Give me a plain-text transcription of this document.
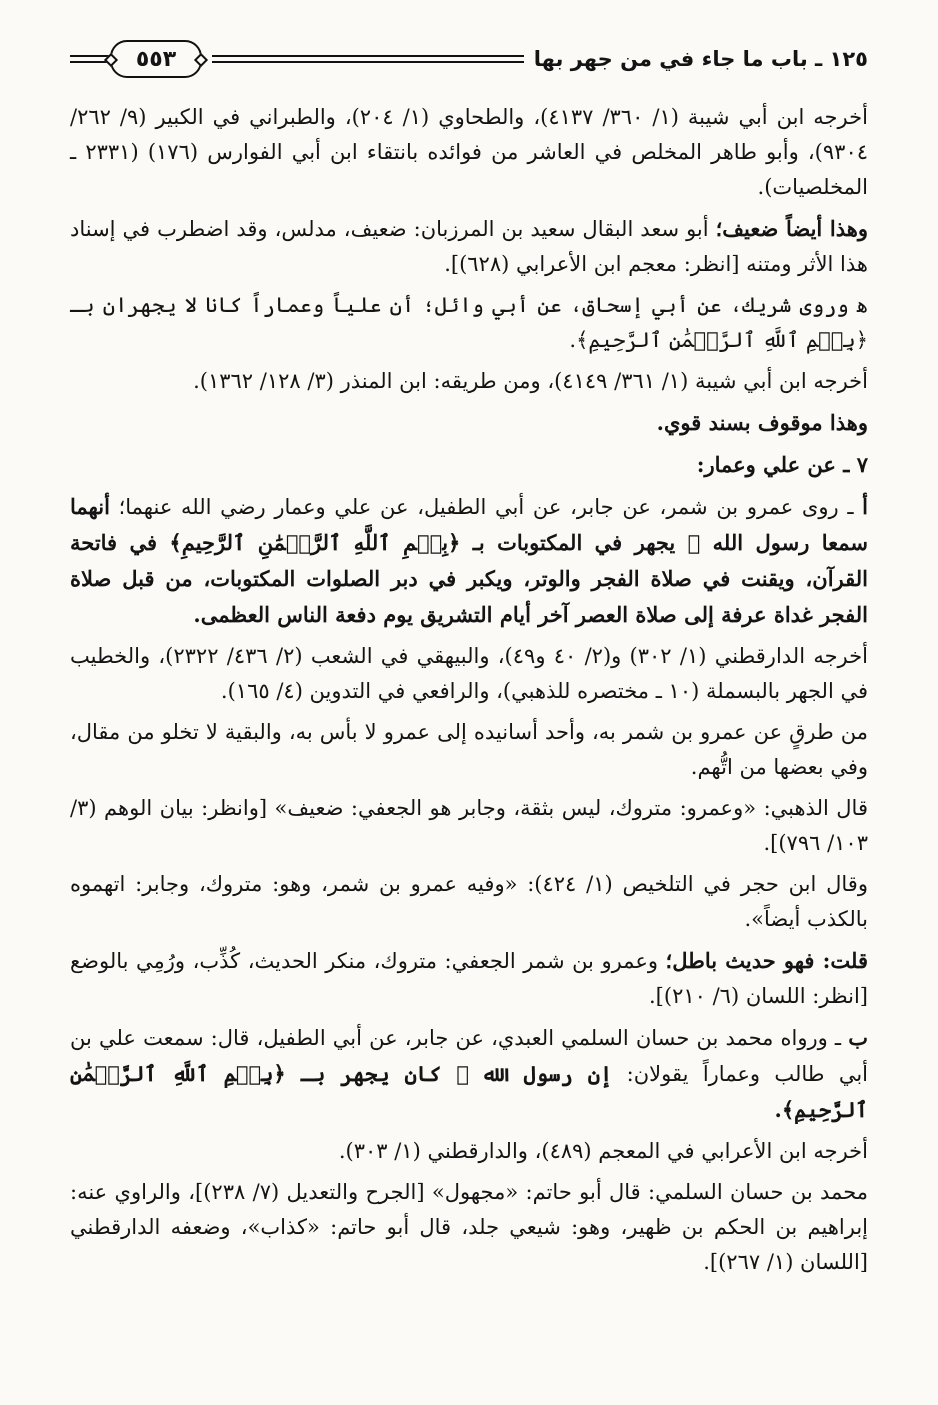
١٢٥ ـ باب ما جاء في من جهر بها
٥٥٣

أخرجه ابن أبي شيبة (١/ ٣٦٠/ ٤١٣٧)، والطحاوي (١/ ٢٠٤)، والطبراني في الكبير (٩/ ٢٦٢/ ٩٣٠٤)، وأبو طاهر المخلص في العاشر من فوائده بانتقاء ابن أبي الفوارس (١٧٦) (٢٣٣١ ـ المخلصيات).

وهذا أيضاً ضعيف؛ أبو سعد البقال سعيد بن المرزبان: ضعيف، مدلس، وقد اضطرب في إسناد هذا الأثر ومتنه [انظر: معجم ابن الأعرابي (٦٢٨)].

ﻫ وروى شريك، عن أبي إسحاق، عن أبي وائل؛ أن علياً وعماراً كانا لا يجهران بـ ﴿بِسۡمِ ٱللَّهِ ٱلرَّحۡمَٰنِ ٱلرَّحِيمِ﴾.

أخرجه ابن أبي شيبة (١/ ٣٦١/ ٤١٤٩)، ومن طريقه: ابن المنذر (٣/ ١٢٨/ ١٣٦٢).

وهذا موقوف بسند قوي.

٧ ـ عن علي وعمار:

أ ـ روى عمرو بن شمر، عن جابر، عن أبي الطفيل، عن علي وعمار رضي الله عنهما؛ أنهما سمعا رسول الله ﷺ يجهر في المكتوبات بـ ﴿بِسۡمِ ٱللَّهِ ٱلرَّحۡمَٰنِ ٱلرَّحِيمِ﴾ في فاتحة القرآن، ويقنت في صلاة الفجر والوتر، ويكبر في دبر الصلوات المكتوبات، من قبل صلاة الفجر غداة عرفة إلى صلاة العصر آخر أيام التشريق يوم دفعة الناس العظمى.

أخرجه الدارقطني (١/ ٣٠٢) و(٢/ ٤٠ و٤٩)، والبيهقي في الشعب (٢/ ٤٣٦/ ٢٣٢٢)، والخطيب في الجهر بالبسملة (١٠ ـ مختصره للذهبي)، والرافعي في التدوين (٤/ ١٦٥).

من طرقٍ عن عمرو بن شمر به، وأحد أسانيده إلى عمرو لا بأس به، والبقية لا تخلو من مقال، وفي بعضها من اتُّهم.

قال الذهبي: «وعمرو: متروك، ليس بثقة، وجابر هو الجعفي: ضعيف» [وانظر: بيان الوهم (٣/ ١٠٣/ ٧٩٦)].

وقال ابن حجر في التلخيص (١/ ٤٢٤): «وفيه عمرو بن شمر، وهو: متروك، وجابر: اتهموه بالكذب أيضاً».

قلت: فهو حديث باطل؛ وعمرو بن شمر الجعفي: متروك، منكر الحديث، كُذِّب، ورُمِي بالوضع [انظر: اللسان (٦/ ٢١٠)].

ب ـ ورواه محمد بن حسان السلمي العبدي، عن جابر، عن أبي الطفيل، قال: سمعت علي بن أبي طالب وعماراً يقولان: إن رسول الله ﷺ كان يجهر بـ ﴿بِسۡمِ ٱللَّهِ ٱلرَّحۡمَٰنِ ٱلرَّحِيمِ﴾.

أخرجه ابن الأعرابي في المعجم (٤٨٩)، والدارقطني (١/ ٣٠٣).

محمد بن حسان السلمي: قال أبو حاتم: «مجهول» [الجرح والتعديل (٧/ ٢٣٨)]، والراوي عنه: إبراهيم بن الحكم بن ظهير، وهو: شيعي جلد، قال أبو حاتم: «كذاب»، وضعفه الدارقطني [اللسان (١/ ٢٦٧)].
